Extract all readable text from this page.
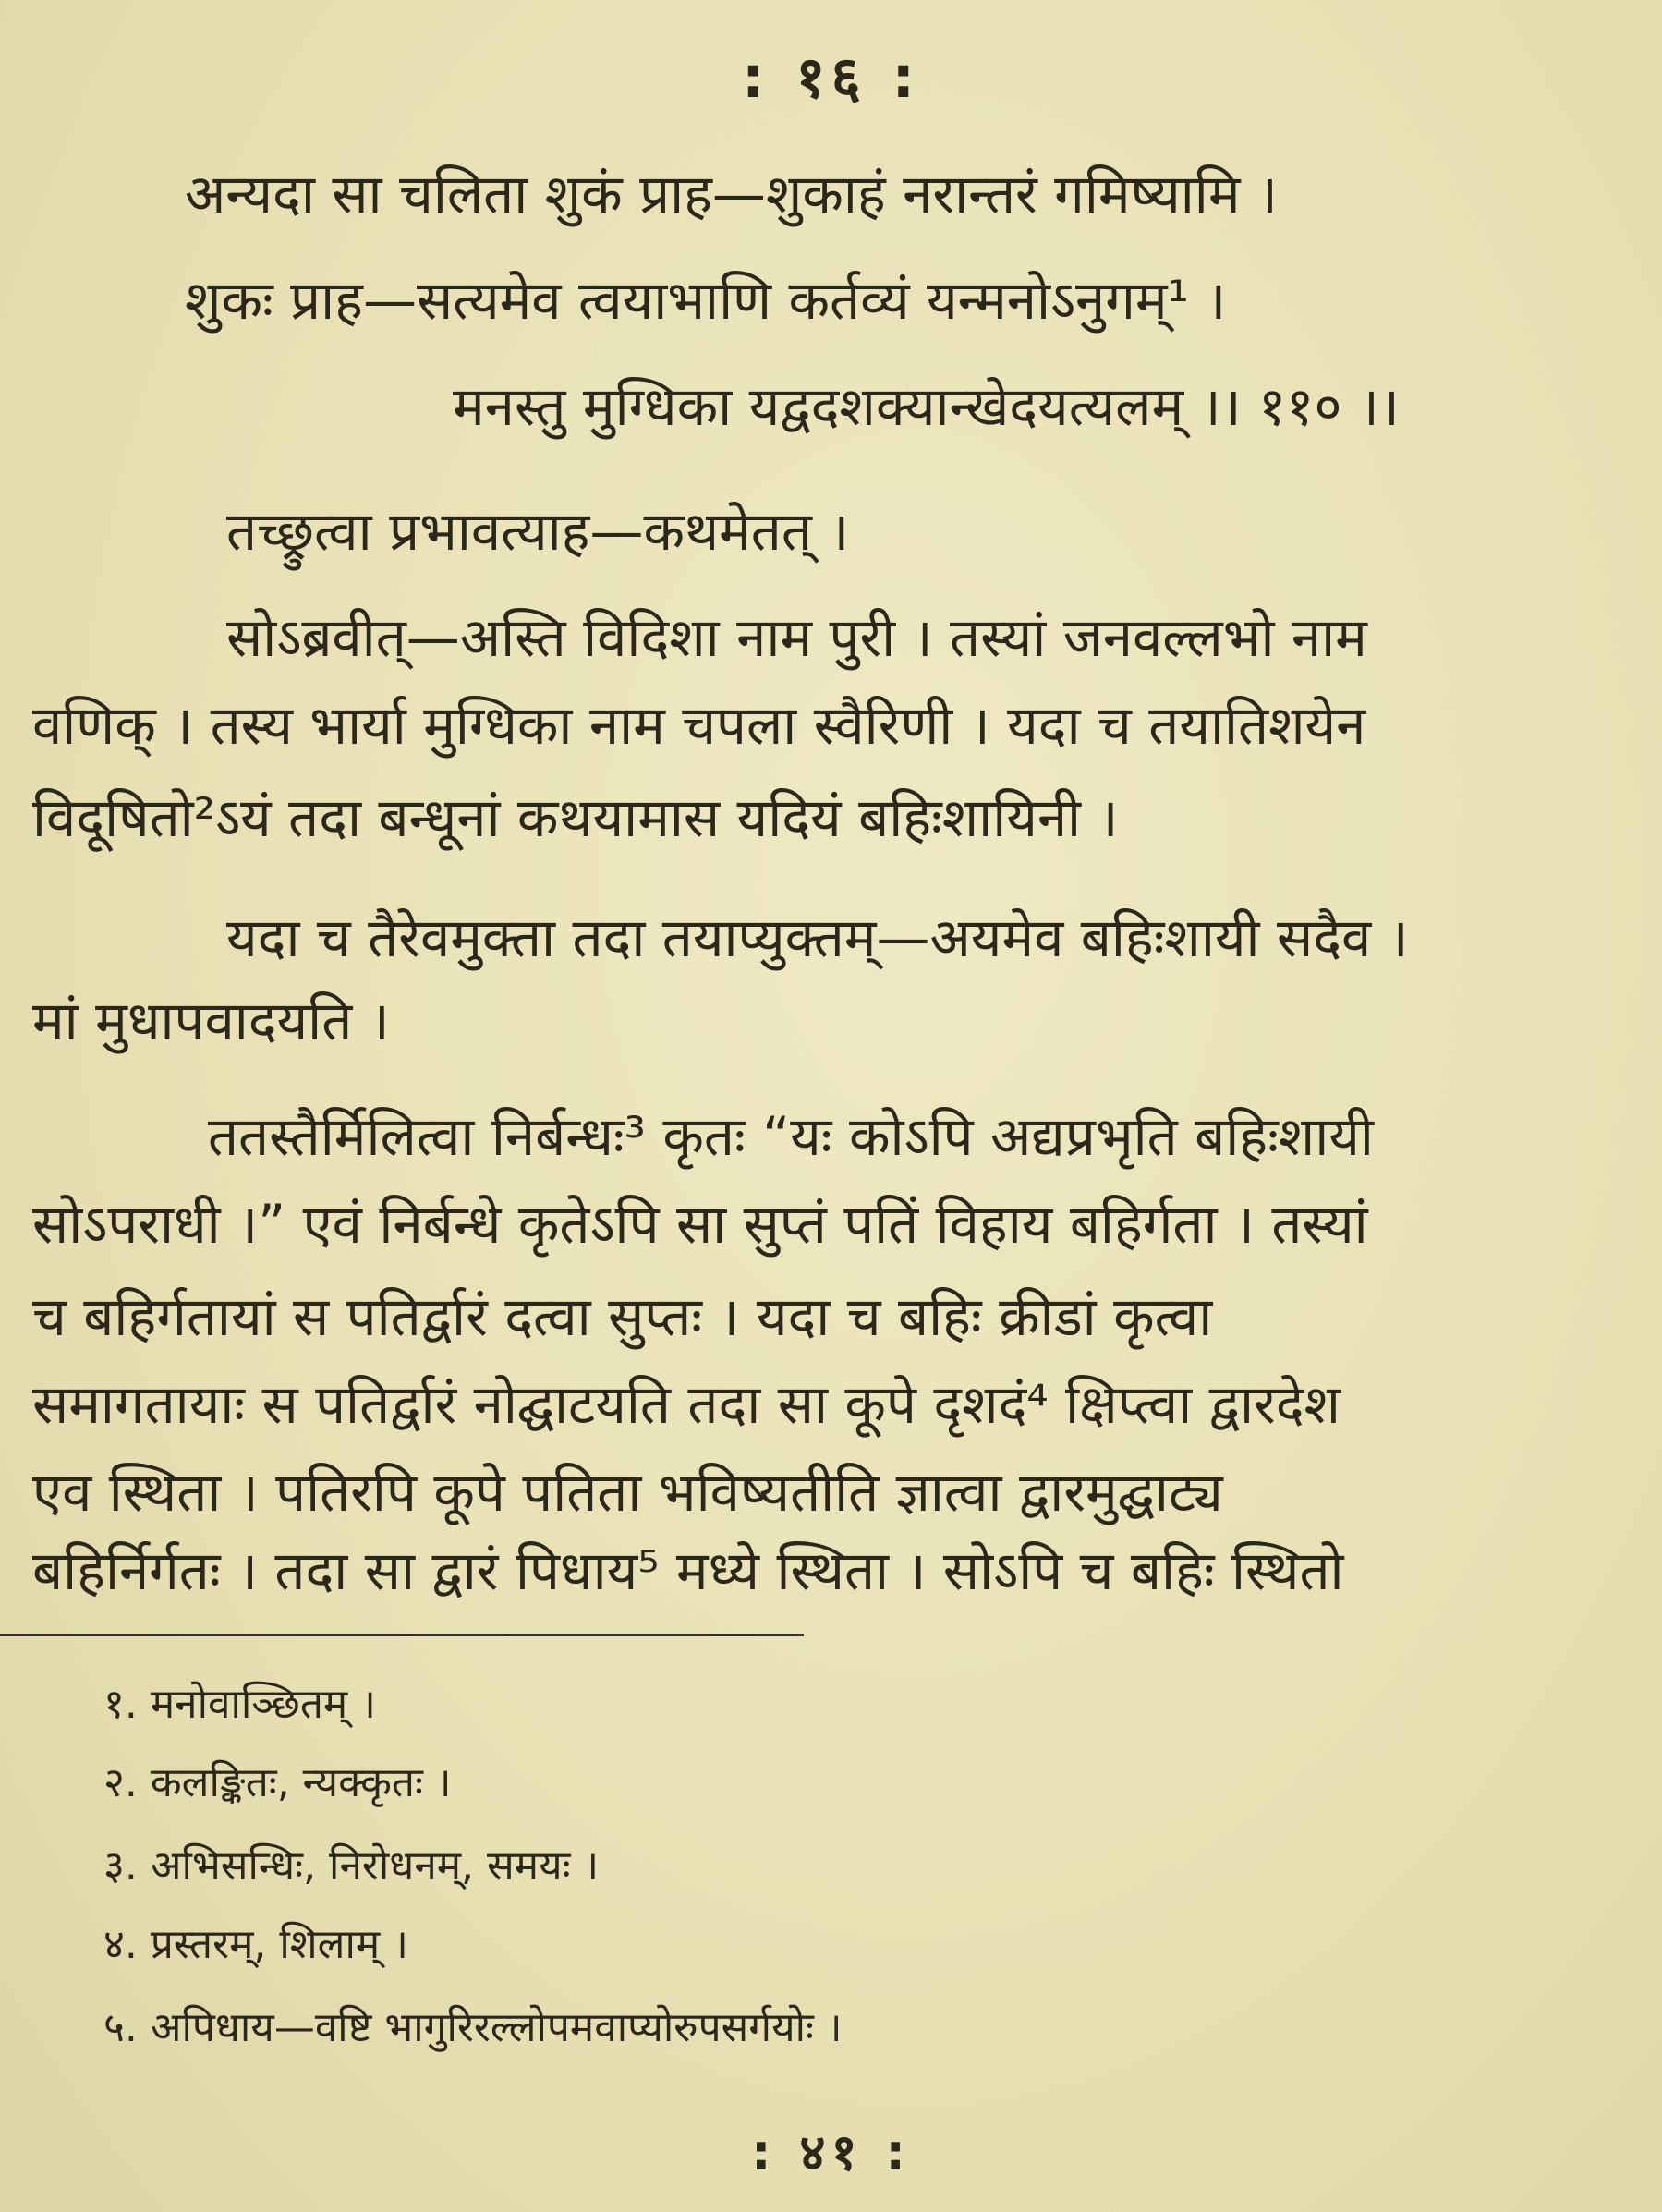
: १६ :
अन्यदा सा चलिता शुकं प्राह—शुकाहं नरान्तरं गमिष्यामि ।
शुकः प्राह—सत्यमेव त्वयाभाणि कर्तव्यं यन्मनोऽनुगम्¹ ।
मनस्तु मुग्धिका यद्वदशक्यान्खेदयत्यलम् ।। ११० ।।
तच्छ्रुत्वा प्रभावत्याह—कथमेतत् ।
सोऽब्रवीत्—अस्ति विदिशा नाम पुरी । तस्यां जनवल्लभो नाम
वणिक् । तस्य भार्या मुग्धिका नाम चपला स्वैरिणी । यदा च तयातिशयेन
विदूषितो²ऽयं तदा बन्धूनां कथयामास यदियं बहिःशायिनी ।
यदा च तैरेवमुक्ता तदा तयाप्युक्तम्—अयमेव बहिःशायी सदैव ।
मां मुधापवादयति ।
ततस्तैर्मिलित्वा निर्बन्धः³ कृतः “यः कोऽपि अद्यप्रभृति बहिःशायी
सोऽपराधी ।” एवं निर्बन्धे कृतेऽपि सा सुप्तं पतिं विहाय बहिर्गता । तस्यां
च बहिर्गतायां स पतिर्द्वारं दत्वा सुप्तः । यदा च बहिः क्रीडां कृत्वा
समागतायाः स पतिर्द्वारं नोद्घाटयति तदा सा कूपे दृशदं⁴ क्षिप्त्वा द्वारदेश
एव स्थिता । पतिरपि कूपे पतिता भविष्यतीति ज्ञात्वा द्वारमुद्घाट्य
बहिर्निर्गतः । तदा सा द्वारं पिधाय⁵ मध्ये स्थिता । सोऽपि च बहिः स्थितो
१. मनोवाञ्छितम् ।
२. कलङ्कितः, न्यक्कृतः ।
३. अभिसन्धिः, निरोधनम्, समयः ।
४. प्रस्तरम्, शिलाम् ।
५. अपिधाय—वष्टि भागुरिरल्लोपमवाप्योरुपसर्गयोः ।
: ४१ :
